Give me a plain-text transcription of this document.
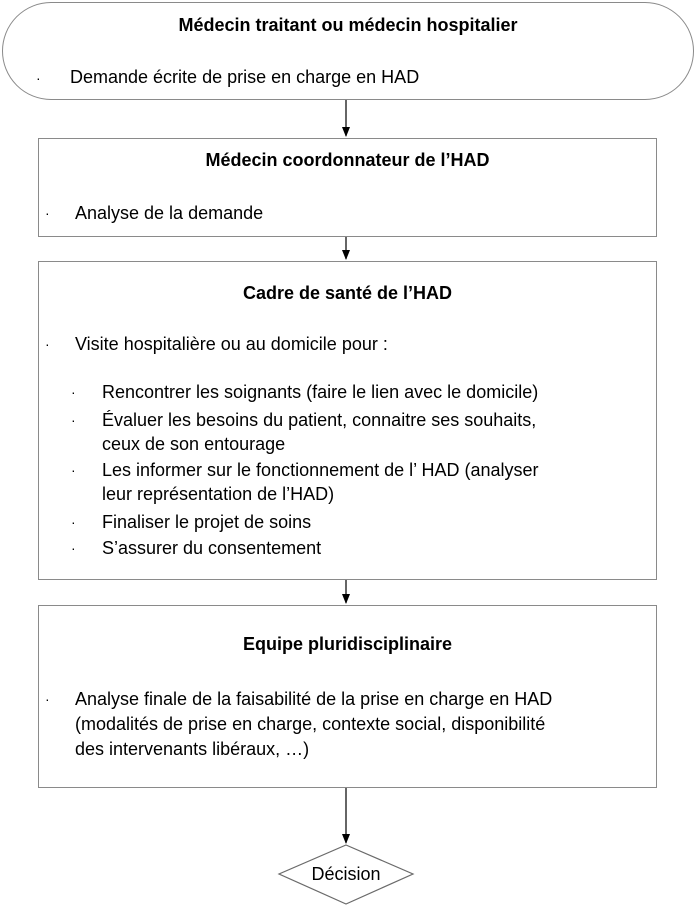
Décision
Médecin traitant ou médecin hospitalier
· Demande écrite de prise en charge en HAD
Médecin coordonnateur de l’HAD
· Analyse de la demande
Cadre de santé de l’HAD
· Visite hospitalière ou au domicile pour :
· Rencontrer les soignants (faire le lien avec le domicile)
· Évaluer les besoins du patient, connaitre ses souhaits,
ceux de son entourage
· Les informer sur le fonctionnement de l’ HAD (analyser
leur représentation de l’HAD)
· Finaliser le projet de soins
· S’assurer du consentement
Equipe pluridisciplinaire
· Analyse finale de la faisabilité de la prise en charge en HAD
(modalités de prise en charge, contexte social, disponibilité
des intervenants libéraux, …)
